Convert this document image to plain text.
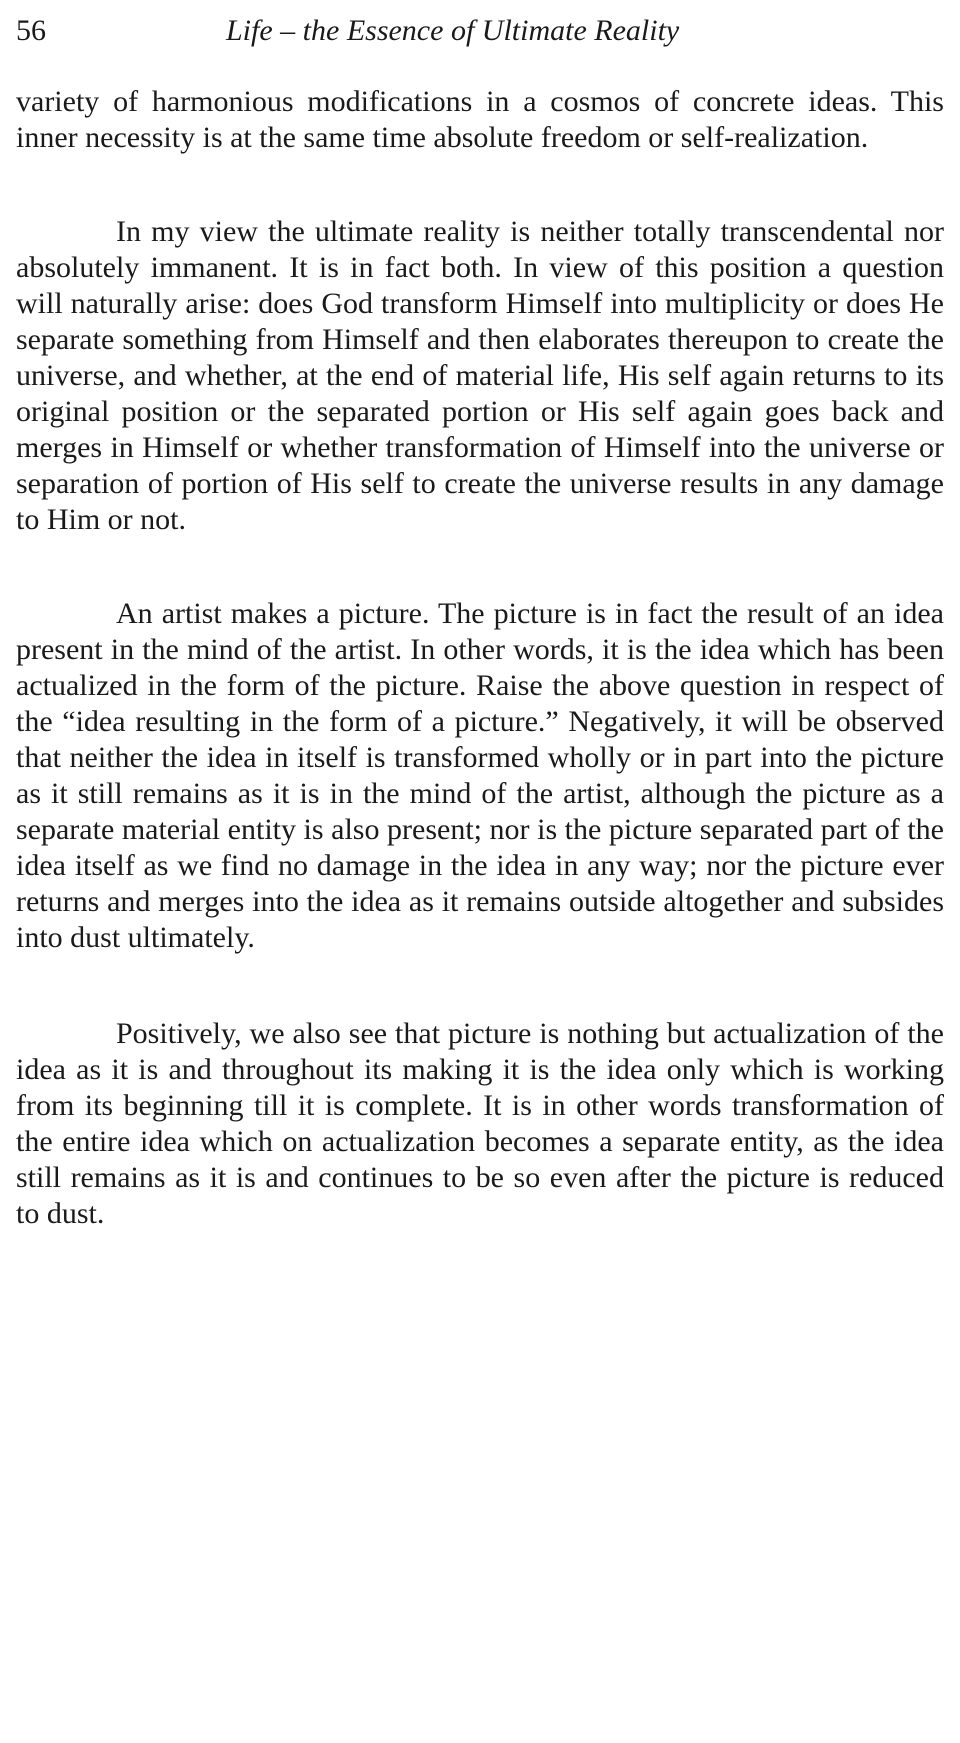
56	Life – the Essence of Ultimate Reality

variety of harmonious modifications in a cosmos of concrete ideas. This inner necessity is at the same time absolute freedom or self-realization.

In my view the ultimate reality is neither totally transcendental nor absolutely immanent. It is in fact both. In view of this position a question will naturally arise: does God transform Himself into multiplicity or does He separate something from Himself and then elaborates thereupon to create the universe, and whether, at the end of material life, His self again returns to its original position or the separated portion or His self again goes back and merges in Himself or whether transformation of Himself into the universe or separation of portion of His self to create the universe results in any damage to Him or not.

An artist makes a picture. The picture is in fact the result of an idea present in the mind of the artist. In other words, it is the idea which has been actualized in the form of the picture. Raise the above question in respect of the “idea resulting in the form of a picture.” Negatively, it will be observed that neither the idea in itself is transformed wholly or in part into the picture as it still remains as it is in the mind of the artist, although the picture as a separate material entity is also present; nor is the picture separated part of the idea itself as we find no damage in the idea in any way; nor the picture ever returns and merges into the idea as it remains outside altogether and subsides into dust ultimately.

Positively, we also see that picture is nothing but actualization of the idea as it is and throughout its making it is the idea only which is working from its beginning till it is complete. It is in other words transformation of the entire idea which on actualization becomes a separate entity, as the idea still remains as it is and continues to be so even after the picture is reduced to dust.
